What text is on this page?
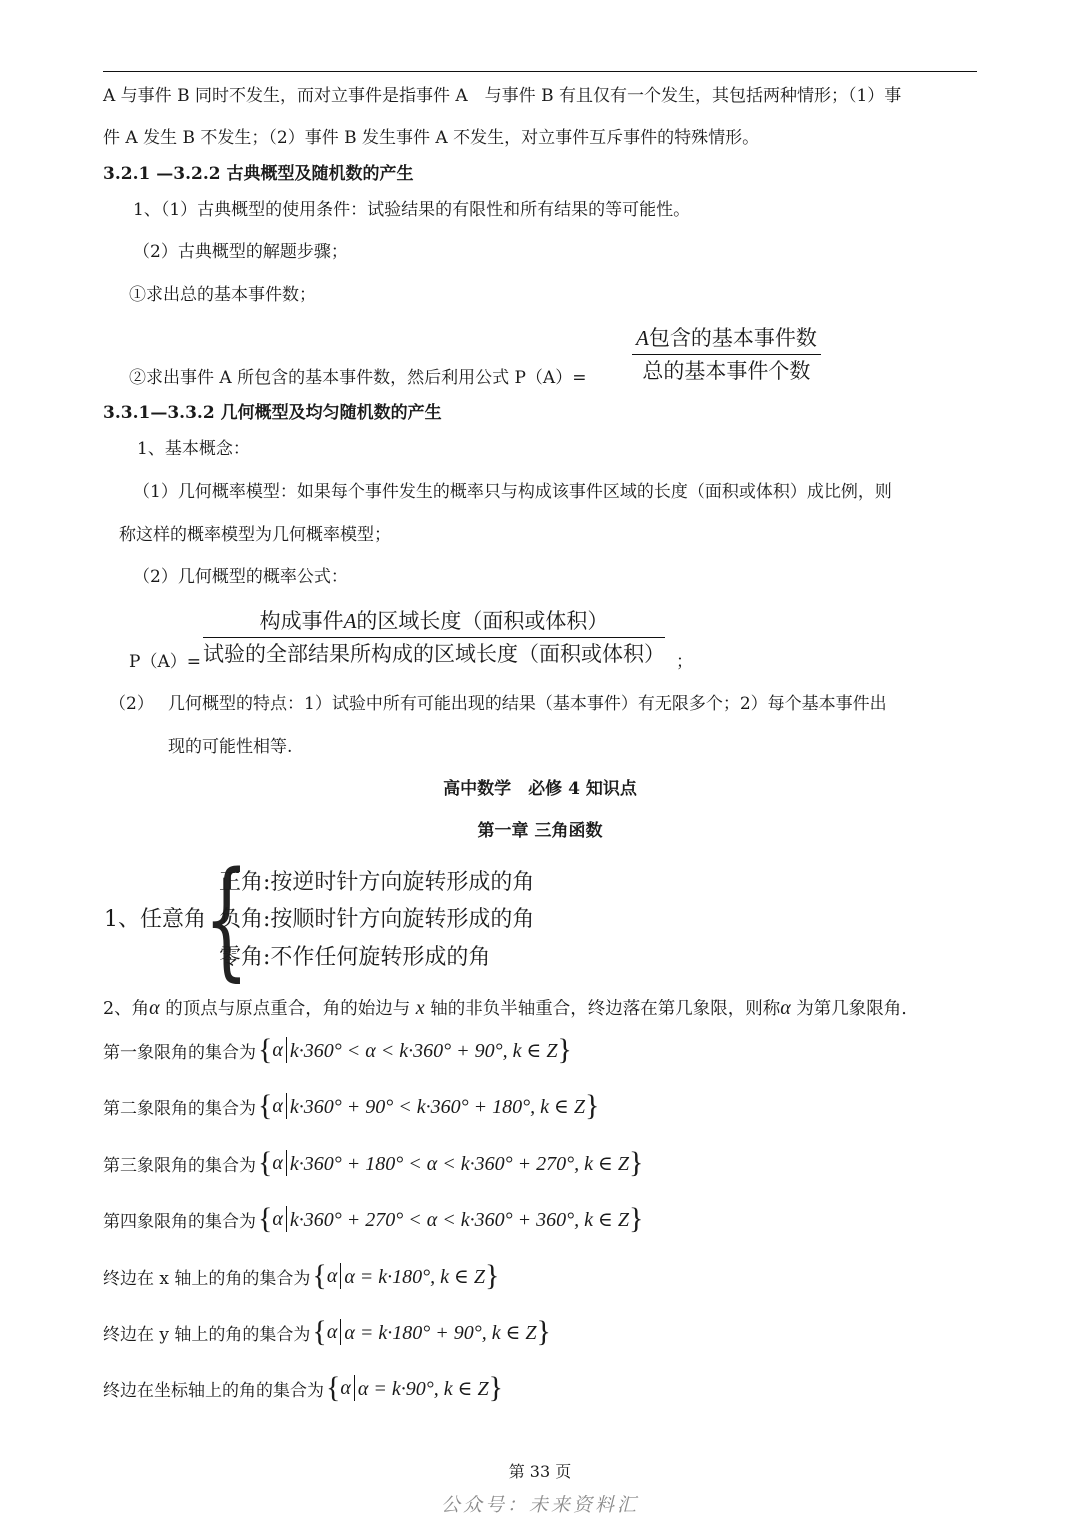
A 与事件 B 同时不发生，而对立事件是指事件 A　与事件 B 有且仅有一个发生，其包括两种情形；（1）事
件 A 发生 B 不发生；（2）事件 B 发生事件 A 不发生，对立事件互斥事件的特殊情形。
3.2.1 —3.2.2 古典概型及随机数的产生
1、（1）古典概型的使用条件：试验结果的有限性和所有结果的等可能性。
（2）古典概型的解题步骤；
①求出总的基本事件数；
②求出事件 A 所包含的基本事件数，然后利用公式 P（A）=
A包含的基本事件数
总的基本事件个数
3.3.1—3.3.2 几何概型及均匀随机数的产生
1、基本概念：
（1）几何概率模型：如果每个事件发生的概率只与构成该事件区域的长度（面积或体积）成比例，则
称这样的概率模型为几何概率模型；
（2）几何概型的概率公式：
P（A）=
构成事件A的区域长度（面积或体积）
试验的全部结果所构成的区域长度（面积或体积） ；
（2） 几何概型的特点：1）试验中所有可能出现的结果（基本事件）有无限多个；2）每个基本事件出
现的可能性相等.
高中数学　必修 4 知识点
第一章 三角函数
1、任意角
{
正角:按逆时针方向旋转形成的角
负角:按顺时针方向旋转形成的角
零角:不作任何旋转形成的角
2、角α 的顶点与原点重合，角的始边与 x 轴的非负半轴重合，终边落在第几象限，则称α 为第几象限角.
第一象限角的集合为 { α k·360° < α < k·360° + 90°, k ∈ Z }
第二象限角的集合为 { α k·360° + 90° < k·360° + 180°, k ∈ Z }
第三象限角的集合为 { α k·360° + 180° < α < k·360° + 270°, k ∈ Z }
第四象限角的集合为 { α k·360° + 270° < α < k·360° + 360°, k ∈ Z }
终边在 x 轴上的角的集合为 { α α = k·180°, k ∈ Z }
终边在 y 轴上的角的集合为 { α α = k·180° + 90°, k ∈ Z }
终边在坐标轴上的角的集合为 { α α = k·90°, k ∈ Z }
第 33 页
公众号：未来资料汇
